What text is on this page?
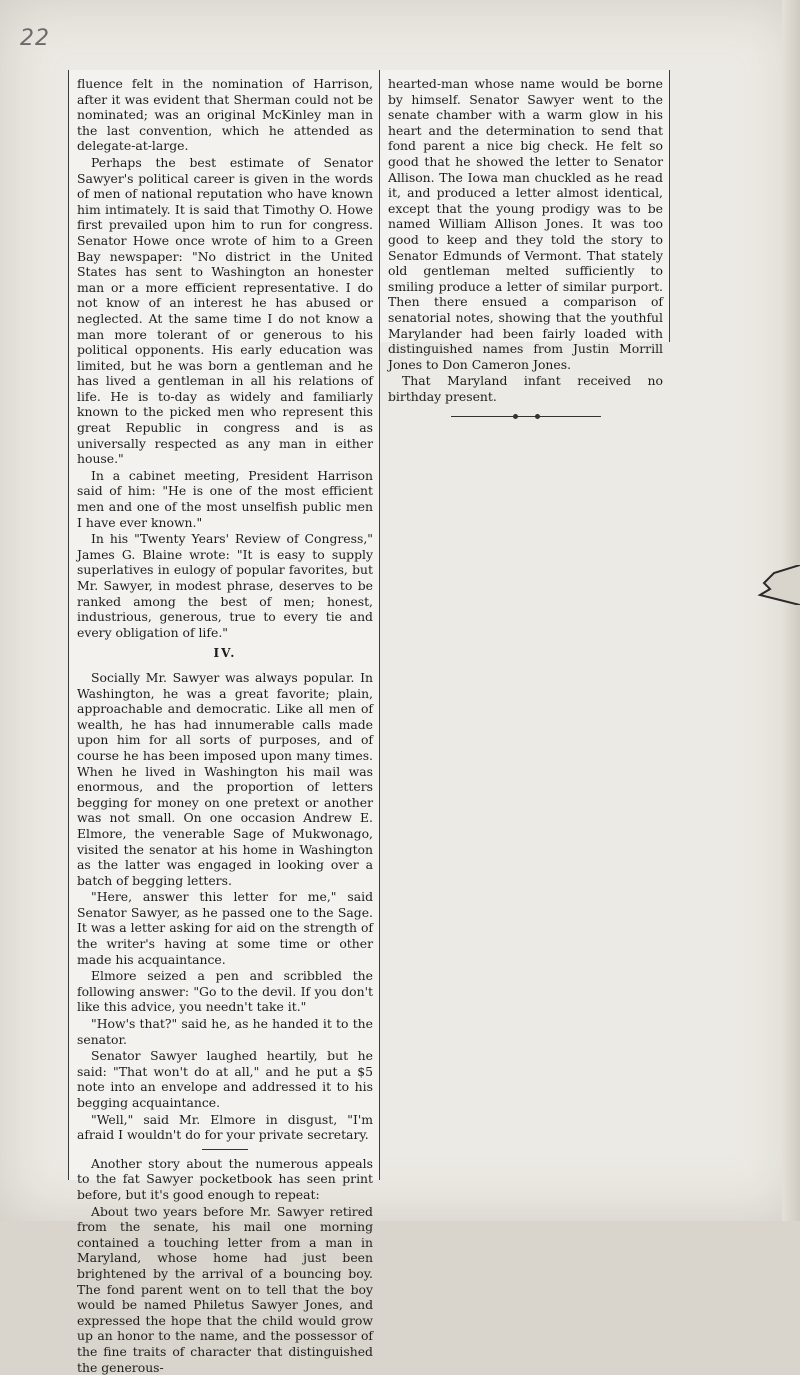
22

fluence felt in the nomination of Harrison, after it was evident that Sherman could not be nominated; was an original McKinley man in the last convention, which he attended as delegate-at-large.

Perhaps the best estimate of Senator Sawyer's political career is given in the words of men of national reputation who have known him intimately. It is said that Timothy O. Howe first prevailed upon him to run for congress. Senator Howe once wrote of him to a Green Bay newspaper: "No district in the United States has sent to Washington an honester man or a more efficient representative. I do not know of an interest he has abused or neglected. At the same time I do not know a man more tolerant of or generous to his political opponents. His early education was limited, but he was born a gentleman and he has lived a gentleman in all his relations of life. He is to-day as widely and familiarly known to the picked men who represent this great Republic in congress and is as universally respected as any man in either house."

In a cabinet meeting, President Harrison said of him: "He is one of the most efficient men and one of the most unselfish public men I have ever known."

In his "Twenty Years' Review of Congress," James G. Blaine wrote: "It is easy to supply superlatives in eulogy of popular favorites, but Mr. Sawyer, in modest phrase, deserves to be ranked among the best of men; honest, industrious, generous, true to every tie and every obligation of life."

IV.

Socially Mr. Sawyer was always popular. In Washington, he was a great favorite; plain, approachable and democratic. Like all men of wealth, he has had innumerable calls made upon him for all sorts of purposes, and of course he has been imposed upon many times. When he lived in Washington his mail was enormous, and the proportion of letters begging for money on one pretext or another was not small. On one occasion Andrew E. Elmore, the venerable Sage of Mukwonago, visited the senator at his home in Washington as the latter was engaged in looking over a batch of begging letters.

"Here, answer this letter for me," said Senator Sawyer, as he passed one to the Sage. It was a letter asking for aid on the strength of the writer's having at some time or other made his acquaintance.

Elmore seized a pen and scribbled the following answer: "Go to the devil. If you don't like this advice, you needn't take it."

"How's that?" said he, as he handed it to the senator.

Senator Sawyer laughed heartily, but he said: "That won't do at all," and he put a $5 note into an envelope and addressed it to his begging acquaintance.

"Well," said Mr. Elmore in disgust, "I'm afraid I wouldn't do for your private secretary.

Another story about the numerous appeals to the fat Sawyer pocketbook has seen print before, but it's good enough to repeat:

About two years before Mr. Sawyer retired from the senate, his mail one morning contained a touching letter from a man in Maryland, whose home had just been brightened by the arrival of a bouncing boy. The fond parent went on to tell that the boy would be named Philetus Sawyer Jones, and expressed the hope that the child would grow up an honor to the name, and the possessor of the fine traits of character that distinguished the generous-

hearted-man whose name would be borne by himself. Senator Sawyer went to the senate chamber with a warm glow in his heart and the determination to send that fond parent a nice big check. He felt so good that he showed the letter to Senator Allison. The Iowa man chuckled as he read it, and produced a letter almost identical, except that the young prodigy was to be named William Allison Jones. It was too good to keep and they told the story to Senator Edmunds of Vermont. That stately old gentleman melted sufficiently to smiling produce a letter of similar purport. Then there ensued a comparison of senatorial notes, showing that the youthful Marylander had been fairly loaded with distinguished names from Justin Morrill Jones to Don Cameron Jones.

That Maryland infant received no birthday present.
